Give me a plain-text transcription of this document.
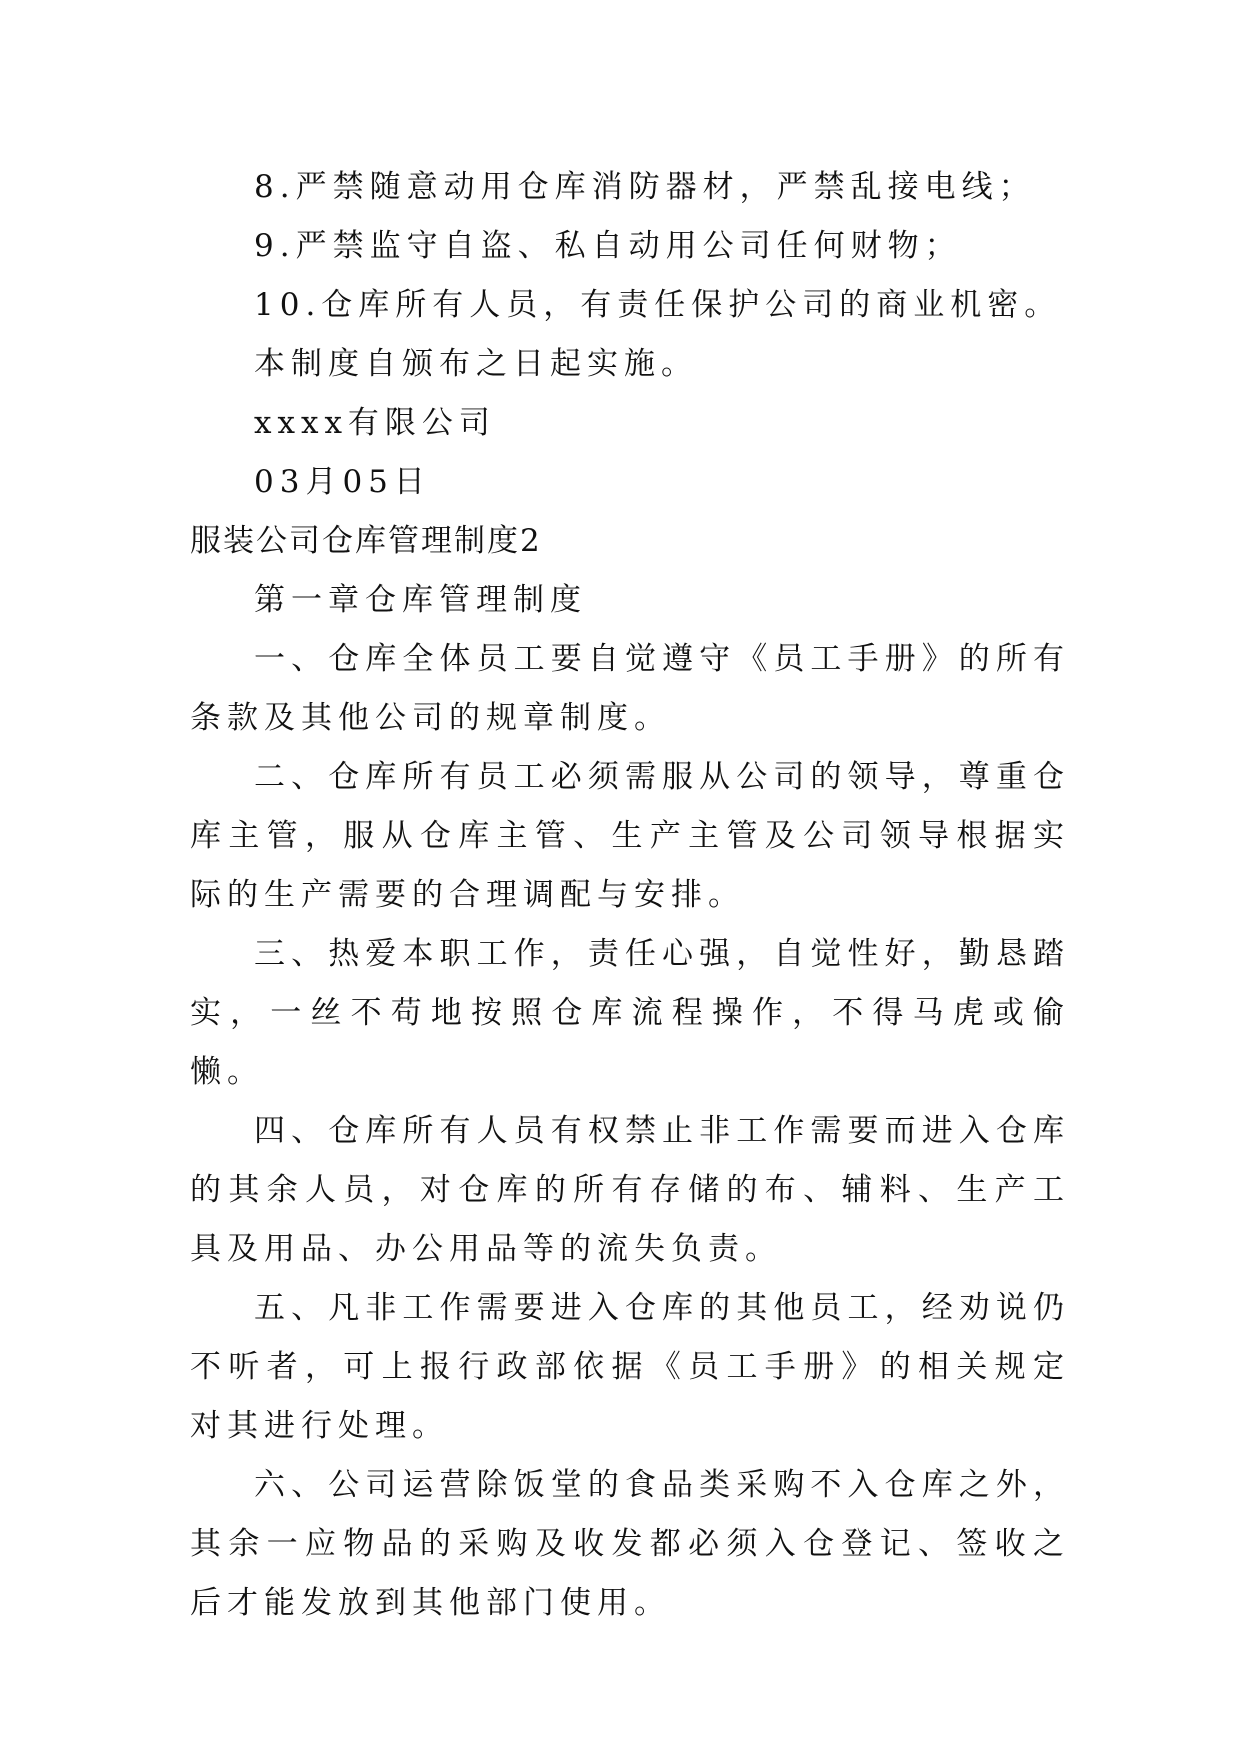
8.严禁随意动用仓库消防器材，严禁乱接电线；

9.严禁监守自盗、私自动用公司任何财物；

10.仓库所有人员，有责任保护公司的商业机密。

本制度自颁布之日起实施。

xxxx有限公司

03月05日

服装公司仓库管理制度2

第一章仓库管理制度

一、仓库全体员工要自觉遵守《员工手册》的所有条款及其他公司的规章制度。

二、仓库所有员工必须需服从公司的领导，尊重仓库主管，服从仓库主管、生产主管及公司领导根据实际的生产需要的合理调配与安排。

三、热爱本职工作，责任心强，自觉性好，勤恳踏实，一丝不苟地按照仓库流程操作，不得马虎或偷懒。

四、仓库所有人员有权禁止非工作需要而进入仓库的其余人员，对仓库的所有存储的布、辅料、生产工具及用品、办公用品等的流失负责。

五、凡非工作需要进入仓库的其他员工，经劝说仍不听者，可上报行政部依据《员工手册》的相关规定对其进行处理。

六、公司运营除饭堂的食品类采购不入仓库之外，其余一应物品的采购及收发都必须入仓登记、签收之后才能发放到其他部门使用。
